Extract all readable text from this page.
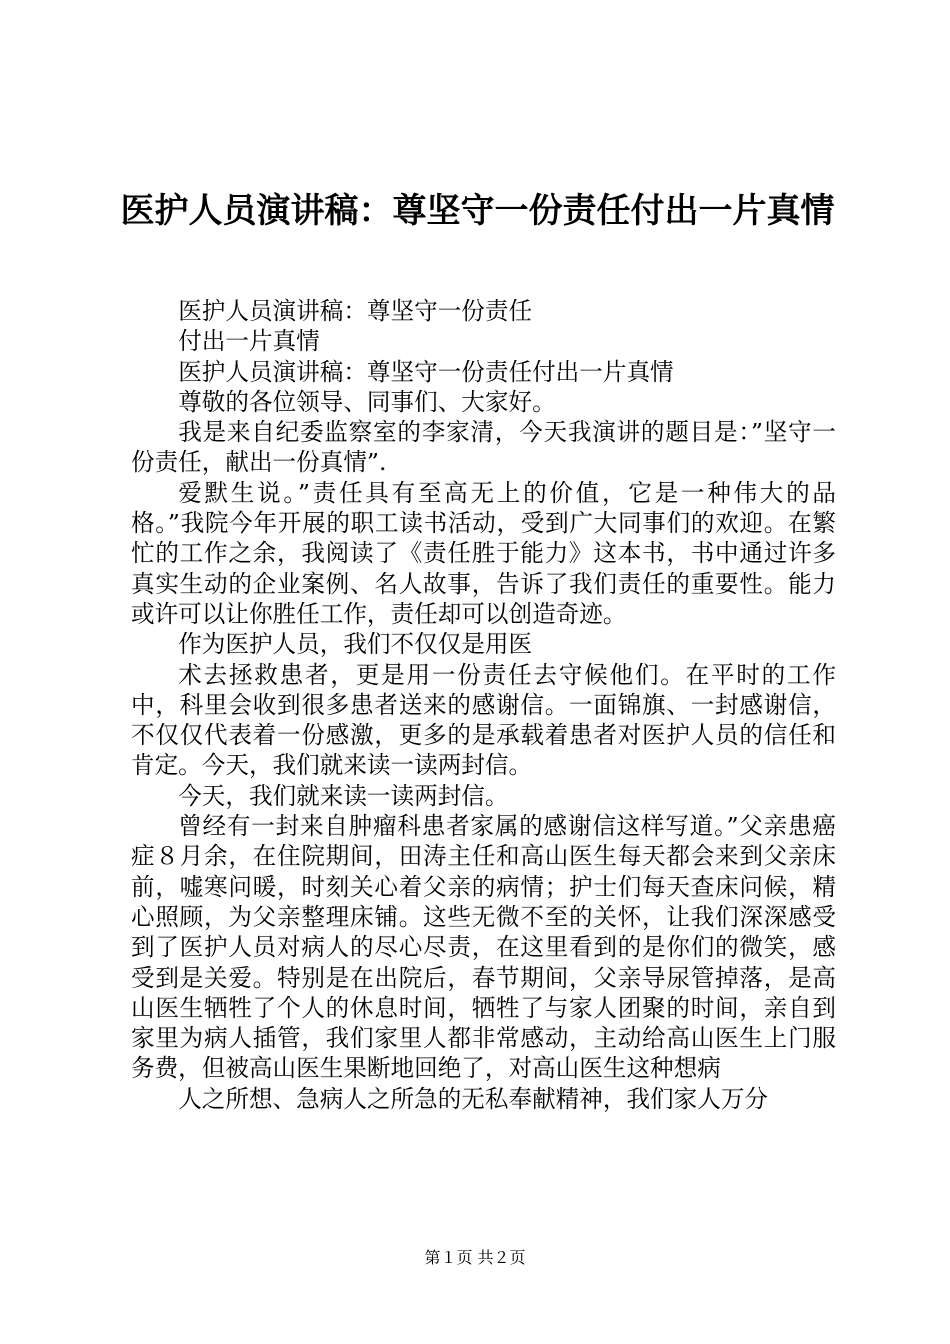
医护人员演讲稿：尊坚守一份责任付出一片真情

医护人员演讲稿：尊坚守一份责任

付出一片真情

医护人员演讲稿：尊坚守一份责任付出一片真情

尊敬的各位领导、同事们、大家好。

我是来自纪委监察室的李家清，今天我演讲的题目是：”坚守一份责任，献出一份真情”.

爱默生说。”责任具有至高无上的价值，它是一种伟大的品格。”我院今年开展的职工读书活动，受到广大同事们的欢迎。在繁忙的工作之余，我阅读了《责任胜于能力》这本书，书中通过许多真实生动的企业案例、名人故事，告诉了我们责任的重要性。能力或许可以让你胜任工作，责任却可以创造奇迹。

作为医护人员，我们不仅仅是用医

术去拯救患者，更是用一份责任去守候他们。在平时的工作中，科里会收到很多患者送来的感谢信。一面锦旗、一封感谢信，不仅仅代表着一份感激，更多的是承载着患者对医护人员的信任和肯定。今天，我们就来读一读两封信。

今天，我们就来读一读两封信。

曾经有一封来自肿瘤科患者家属的感谢信这样写道。”父亲患癌症８月余，在住院期间，田涛主任和高山医生每天都会来到父亲床前，嘘寒问暖，时刻关心着父亲的病情；护士们每天查床问候，精心照顾，为父亲整理床铺。这些无微不至的关怀，让我们深深感受到了医护人员对病人的尽心尽责，在这里看到的是你们的微笑，感受到是关爱。特别是在出院后，春节期间，父亲导尿管掉落，是高山医生牺牲了个人的休息时间，牺牲了与家人团聚的时间，亲自到家里为病人插管，我们家里人都非常感动，主动给高山医生上门服务费，但被高山医生果断地回绝了，对高山医生这种想病

人之所想、急病人之所急的无私奉献精神，我们家人万分

第１页 共２页
